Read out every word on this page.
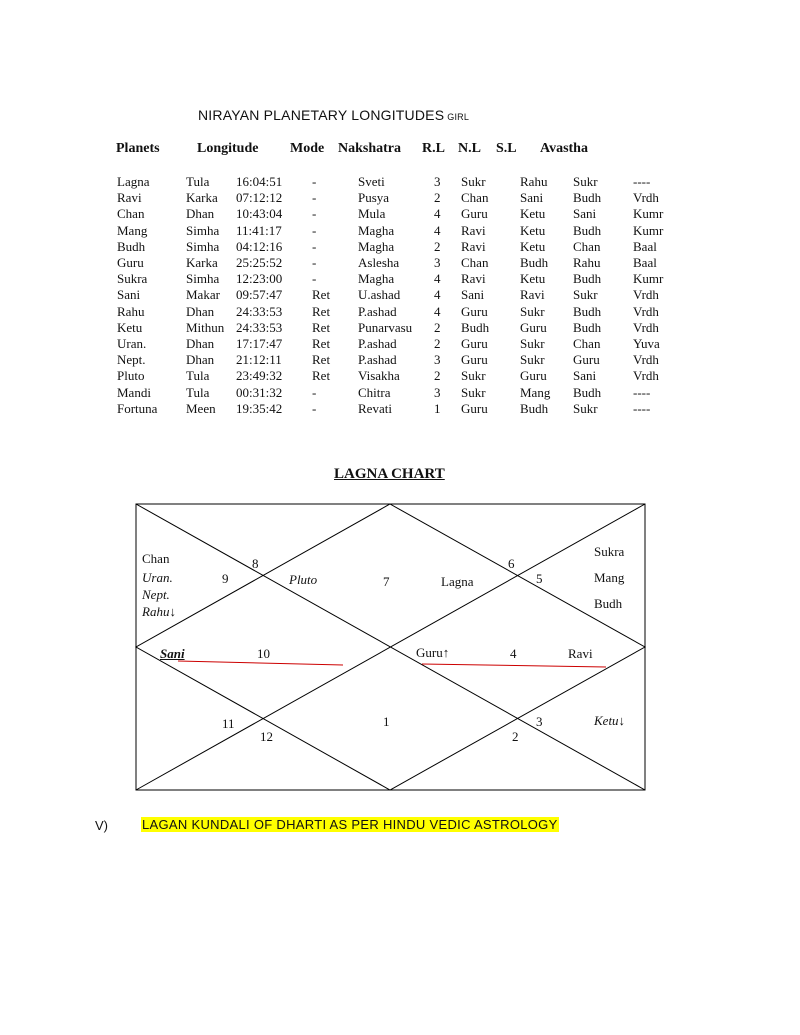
NIRAYAN PLANETARY LONGITUDES GIRL
Planets	Longitude Mode Nakshatra R.L N.L S.L Avastha
Lagna	Tula 16:04:51 -	Sveti	3 Sukr	Rahu Sukr	----
Ravi	Karka 07:12:12 -	Pusya	2 Chan Sani Budh Vrdh
Chan	Dhan 10:43:04 -	Mula	4 Guru Ketu Sani	Kumr
Mang	Simha 11:41:17 -	Magha	4 Ravi	Ketu Budh Kumr
Budh	Simha 04:12:16 -	Magha	2 Ravi	Ketu Chan	Baal
Guru	Karka 25:25:52 -	Aslesha	3 Chan Budh Rahu	Baal
Sukra	Simha 12:23:00 -	Magha	4 Ravi	Ketu Budh Kumr
Sani	Makar 09:57:47 Ret U.ashad	4 Sani	Ravi Sukr	Vrdh
Rahu	Dhan 24:33:53 Ret P.ashad	4 Guru Sukr Budh Vrdh
Ketu	Mithun 24:33:53 Ret Punarvasu 2 Budh Guru Budh Vrdh
Uran.	Dhan 17:17:47 Ret P.ashad	2 Guru Sukr Chan	Yuva
Nept.	Dhan 21:12:11 Ret P.ashad	3 Guru Sukr Guru	Vrdh
Pluto	Tula 23:49:32 Ret Visakha	2 Sukr	Guru Sani	Vrdh
Mandi	Tula 00:31:32 -	Chitra	3 Sukr	Mang Budh ----
Fortuna Meen 19:35:42 -	Revati	1 Guru Budh Sukr	----
LAGNA CHART
8
9	7
6
5
10	4
11
12
1	3
2
Chan
Uran.
Nept.
Rahu↓
Pluto	Lagna
Sukra
Mang
Budh
Sani	Guru↑	Ravi
Ketu↓
V)	LAGAN KUNDALI OF DHARTI AS PER HINDU VEDIC ASTROLOGY
